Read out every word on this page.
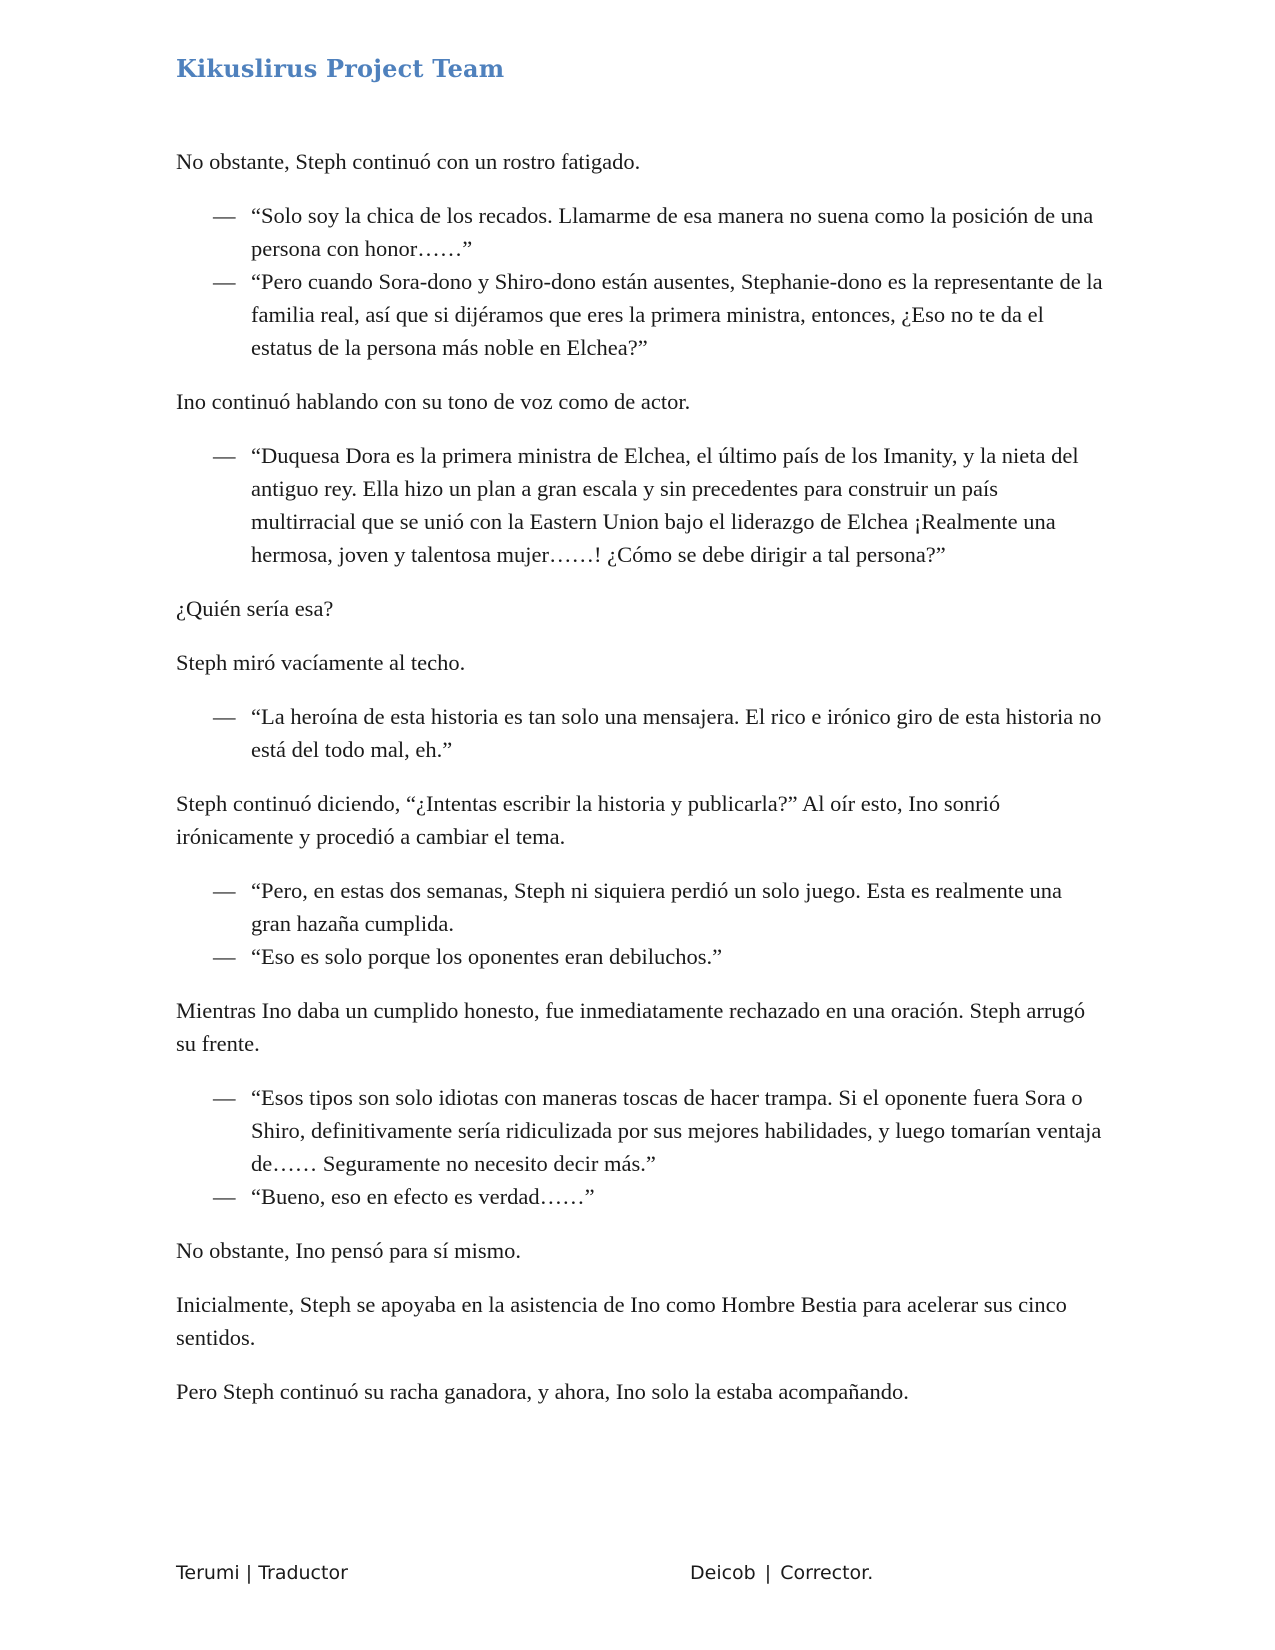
Kikuslirus Project Team

No obstante, Steph continuó con un rostro fatigado.

— “Solo soy la chica de los recados. Llamarme de esa manera no suena como la posición de una persona con honor……”
— “Pero cuando Sora-dono y Shiro-dono están ausentes, Stephanie-dono es la representante de la familia real, así que si dijéramos que eres la primera ministra, entonces, ¿Eso no te da el estatus de la persona más noble en Elchea?”

Ino continuó hablando con su tono de voz como de actor.

— “Duquesa Dora es la primera ministra de Elchea, el último país de los Imanity, y la nieta del antiguo rey. Ella hizo un plan a gran escala y sin precedentes para construir un país multirracial que se unió con la Eastern Union bajo el liderazgo de Elchea ¡Realmente una hermosa, joven y talentosa mujer……! ¿Cómo se debe dirigir a tal persona?”

¿Quién sería esa?

Steph miró vacíamente al techo.

— “La heroína de esta historia es tan solo una mensajera. El rico e irónico giro de esta historia no está del todo mal, eh.”

Steph continuó diciendo, “¿Intentas escribir la historia y publicarla?” Al oír esto, Ino sonrió irónicamente y procedió a cambiar el tema.

— “Pero, en estas dos semanas, Steph ni siquiera perdió un solo juego. Esta es realmente una gran hazaña cumplida.
— “Eso es solo porque los oponentes eran debiluchos.”

Mientras Ino daba un cumplido honesto, fue inmediatamente rechazado en una oración. Steph arrugó su frente.

— “Esos tipos son solo idiotas con maneras toscas de hacer trampa. Si el oponente fuera Sora o Shiro, definitivamente sería ridiculizada por sus mejores habilidades, y luego tomarían ventaja de…… Seguramente no necesito decir más.”
— “Bueno, eso en efecto es verdad……”

No obstante, Ino pensó para sí mismo.

Inicialmente, Steph se apoyaba en la asistencia de Ino como Hombre Bestia para acelerar sus cinco sentidos.

Pero Steph continuó su racha ganadora, y ahora, Ino solo la estaba acompañando.

Terumi | Traductor	Deicob | Corrector.
